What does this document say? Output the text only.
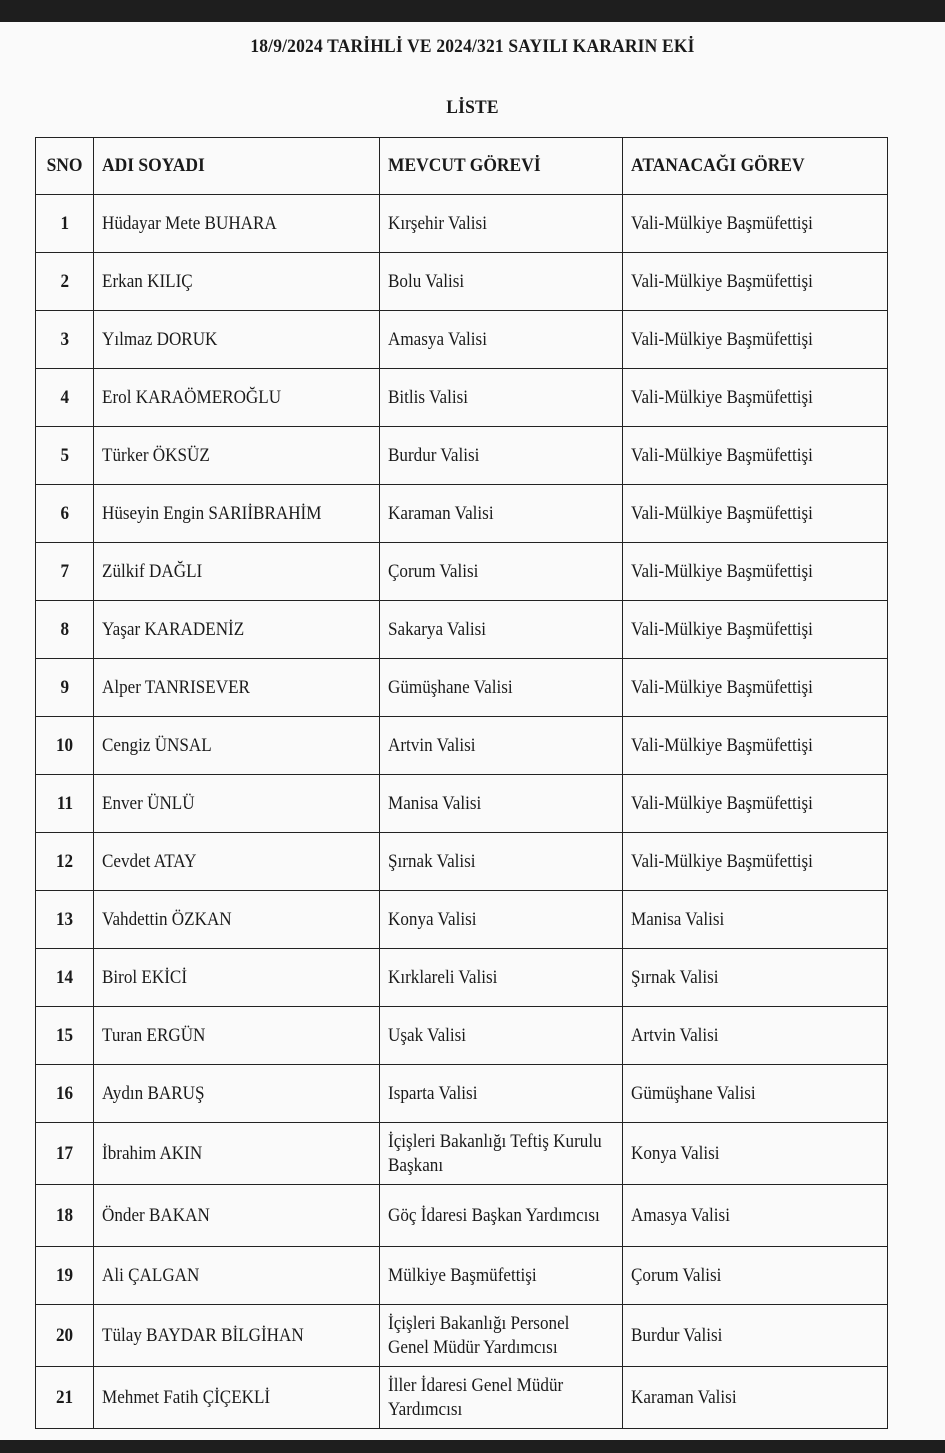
18/9/2024 TARİHLİ VE 2024/321 SAYILI KARARIN EKİ
LİSTE
SNO	ADI SOYADI	MEVCUT GÖREVİ	ATANACAĞI GÖREV
1	Hüdayar Mete BUHARA	Kırşehir Valisi	Vali-Mülkiye Başmüfettişi
2	Erkan KILIÇ	Bolu Valisi	Vali-Mülkiye Başmüfettişi
3	Yılmaz DORUK	Amasya Valisi	Vali-Mülkiye Başmüfettişi
4	Erol KARAÖMEROĞLU	Bitlis Valisi	Vali-Mülkiye Başmüfettişi
5	Türker ÖKSÜZ	Burdur Valisi	Vali-Mülkiye Başmüfettişi
6	Hüseyin Engin SARIİBRAHİM	Karaman Valisi	Vali-Mülkiye Başmüfettişi
7	Zülkif DAĞLI	Çorum Valisi	Vali-Mülkiye Başmüfettişi
8	Yaşar KARADENİZ	Sakarya Valisi	Vali-Mülkiye Başmüfettişi
9	Alper TANRISEVER	Gümüşhane Valisi	Vali-Mülkiye Başmüfettişi
10	Cengiz ÜNSAL	Artvin Valisi	Vali-Mülkiye Başmüfettişi
11	Enver ÜNLÜ	Manisa Valisi	Vali-Mülkiye Başmüfettişi
12	Cevdet ATAY	Şırnak Valisi	Vali-Mülkiye Başmüfettişi
13	Vahdettin ÖZKAN	Konya Valisi	Manisa Valisi
14	Birol EKİCİ	Kırklareli Valisi	Şırnak Valisi
15	Turan ERGÜN	Uşak Valisi	Artvin Valisi
16	Aydın BARUŞ	Isparta Valisi	Gümüşhane Valisi
17	İbrahim AKIN	İçişleri Bakanlığı Teftiş Kurulu Başkanı	Konya Valisi
18	Önder BAKAN	Göç İdaresi Başkan Yardımcısı	Amasya Valisi
19	Ali ÇALGAN	Mülkiye Başmüfettişi	Çorum Valisi
20	Tülay BAYDAR BİLGİHAN	İçişleri Bakanlığı Personel Genel Müdür Yardımcısı	Burdur Valisi
21	Mehmet Fatih ÇİÇEKLİ	İller İdaresi Genel Müdür Yardımcısı	Karaman Valisi
